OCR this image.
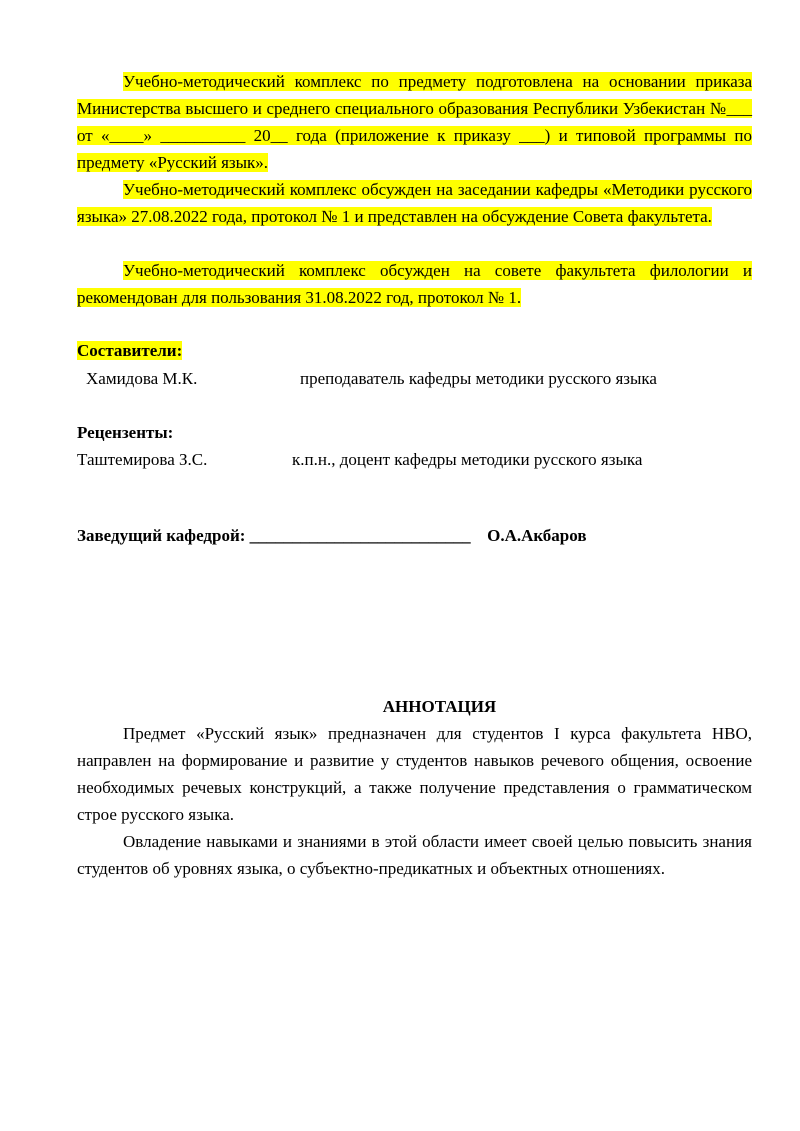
Учебно-методический комплекс по предмету подготовлена на основании приказа Министерства высшего и среднего специального образования Республики Узбекистан №___ от «____» __________ 20__ года (приложение к приказу ___) и типовой программы по предмету «Русский язык».
Учебно-методический комплекс обсужден на заседании кафедры «Методики русского языка» 27.08.2022 года, протокол № 1 и представлен на обсуждение Совета факультета.
Учебно-методический комплекс обсужден на совете факультета филологии и рекомендован для пользования 31.08.2022 год, протокол № 1.
Составители:
Хамидова М.К.	преподаватель кафедры методики русского языка
Рецензенты:
Таштемирова З.С.	к.п.н., доцент кафедры методики русского языка
Заведущий кафедрой: __________________________ О.А.Акбаров
АННОТАЦИЯ
Предмет «Русский язык» предназначен для студентов I курса факультета НВО, направлен на формирование и развитие у студентов навыков речевого общения, освоение необходимых речевых конструкций, а также получение представления о грамматическом строе русского языка.
Овладение навыками и знаниями в этой области имеет своей целью повысить знания студентов об уровнях языка, о субъектно-предикатных и объектных отношениях.
